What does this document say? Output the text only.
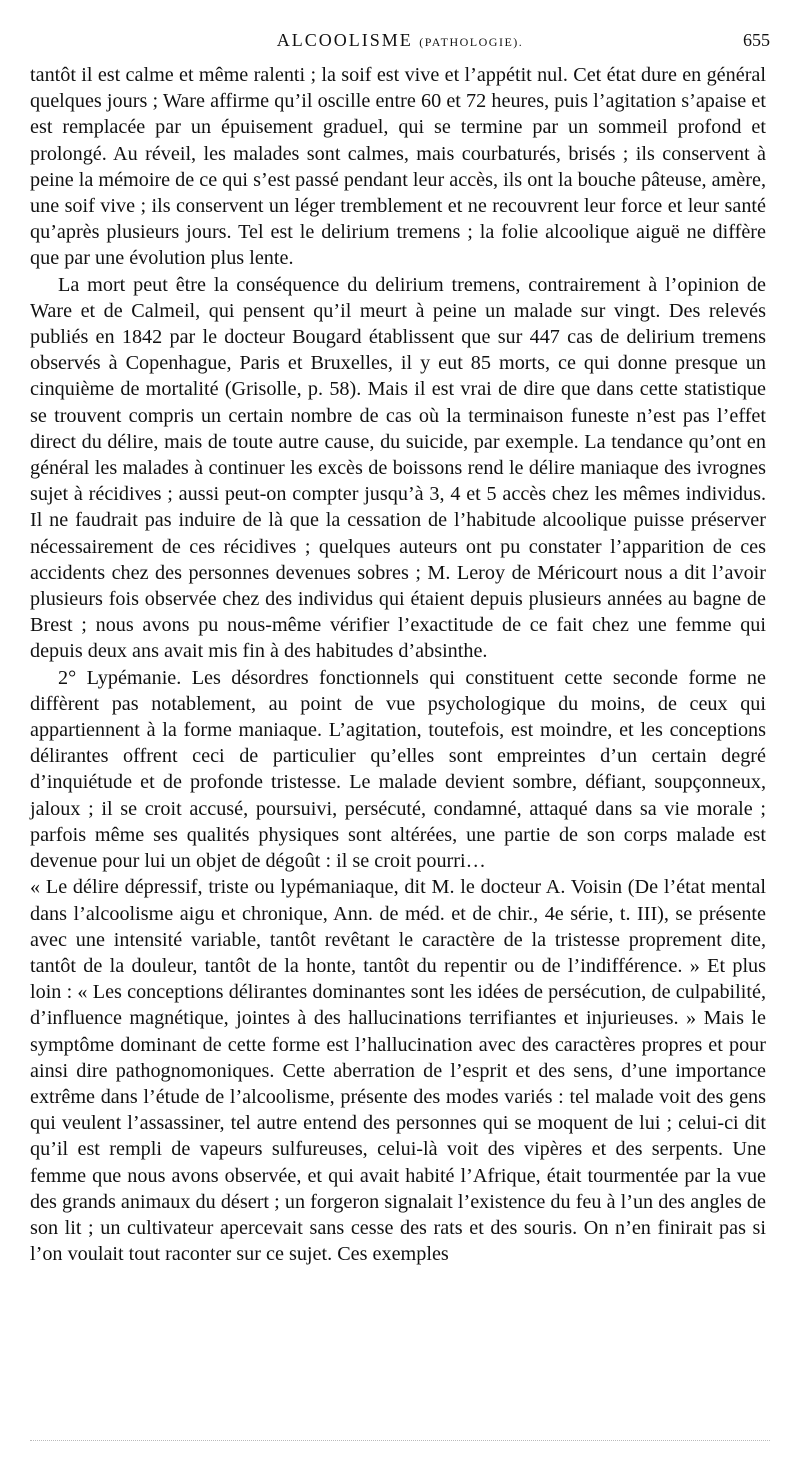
ALCOOLISME (PATHOLOGIE).	655

tantôt il est calme et même ralenti ; la soif est vive et l’appétit nul. Cet état dure en général quelques jours ; Ware affirme qu’il oscille entre 60 et 72 heures, puis l’agitation s’apaise et est remplacée par un épuisement graduel, qui se termine par un sommeil profond et prolongé. Au réveil, les malades sont calmes, mais courbaturés, brisés ; ils conservent à peine la mémoire de ce qui s’est passé pendant leur accès, ils ont la bouche pâteuse, amère, une soif vive ; ils conservent un léger tremblement et ne recouvrent leur force et leur santé qu’après plusieurs jours. Tel est le delirium tremens ; la folie alcoolique aiguë ne diffère que par une évolution plus lente.

La mort peut être la conséquence du delirium tremens, contrairement à l’opinion de Ware et de Calmeil, qui pensent qu’il meurt à peine un malade sur vingt. Des relevés publiés en 1842 par le docteur Bougard établissent que sur 447 cas de delirium tremens observés à Copenhague, Paris et Bruxelles, il y eut 85 morts, ce qui donne presque un cinquième de mortalité (Grisolle, p. 58). Mais il est vrai de dire que dans cette statistique se trouvent compris un certain nombre de cas où la terminaison funeste n’est pas l’effet direct du délire, mais de toute autre cause, du suicide, par exemple. La tendance qu’ont en général les malades à continuer les excès de boissons rend le délire maniaque des ivrognes sujet à récidives ; aussi peut-on compter jusqu’à 3, 4 et 5 accès chez les mêmes individus. Il ne faudrait pas induire de là que la cessation de l’habitude alcoolique puisse préserver nécessairement de ces récidives ; quelques auteurs ont pu constater l’apparition de ces accidents chez des personnes devenues sobres ; M. Leroy de Méricourt nous a dit l’avoir plusieurs fois observée chez des individus qui étaient depuis plusieurs années au bagne de Brest ; nous avons pu nous-même vérifier l’exactitude de ce fait chez une femme qui depuis deux ans avait mis fin à des habitudes d’absinthe.

2° Lypémanie. Les désordres fonctionnels qui constituent cette seconde forme ne diffèrent pas notablement, au point de vue psychologique du moins, de ceux qui appartiennent à la forme maniaque. L’agitation, toutefois, est moindre, et les conceptions délirantes offrent ceci de particulier qu’elles sont empreintes d’un certain degré d’inquiétude et de profonde tristesse. Le malade devient sombre, défiant, soupçonneux, jaloux ; il se croit accusé, poursuivi, persécuté, condamné, attaqué dans sa vie morale ; parfois même ses qualités physiques sont altérées, une partie de son corps malade est devenue pour lui un objet de dégoût : il se croit pourri…

« Le délire dépressif, triste ou lypémaniaque, dit M. le docteur A. Voisin (De l’état mental dans l’alcoolisme aigu et chronique, Ann. de méd. et de chir., 4e série, t. III), se présente avec une intensité variable, tantôt revêtant le caractère de la tristesse proprement dite, tantôt de la douleur, tantôt de la honte, tantôt du repentir ou de l’indifférence. » Et plus loin : « Les conceptions délirantes dominantes sont les idées de persécution, de culpabilité, d’influence magnétique, jointes à des hallucinations terrifiantes et injurieuses. » Mais le symptôme dominant de cette forme est l’hallucination avec des caractères propres et pour ainsi dire pathognomoniques. Cette aberration de l’esprit et des sens, d’une importance extrême dans l’étude de l’alcoolisme, présente des modes variés : tel malade voit des gens qui veulent l’assassiner, tel autre entend des personnes qui se moquent de lui ; celui-ci dit qu’il est rempli de vapeurs sulfureuses, celui-là voit des vipères et des serpents. Une femme que nous avons observée, et qui avait habité l’Afrique, était tourmentée par la vue des grands animaux du désert ; un forgeron signalait l’existence du feu à l’un des angles de son lit ; un cultivateur apercevait sans cesse des rats et des souris. On n’en finirait pas si l’on voulait tout raconter sur ce sujet. Ces exemples
